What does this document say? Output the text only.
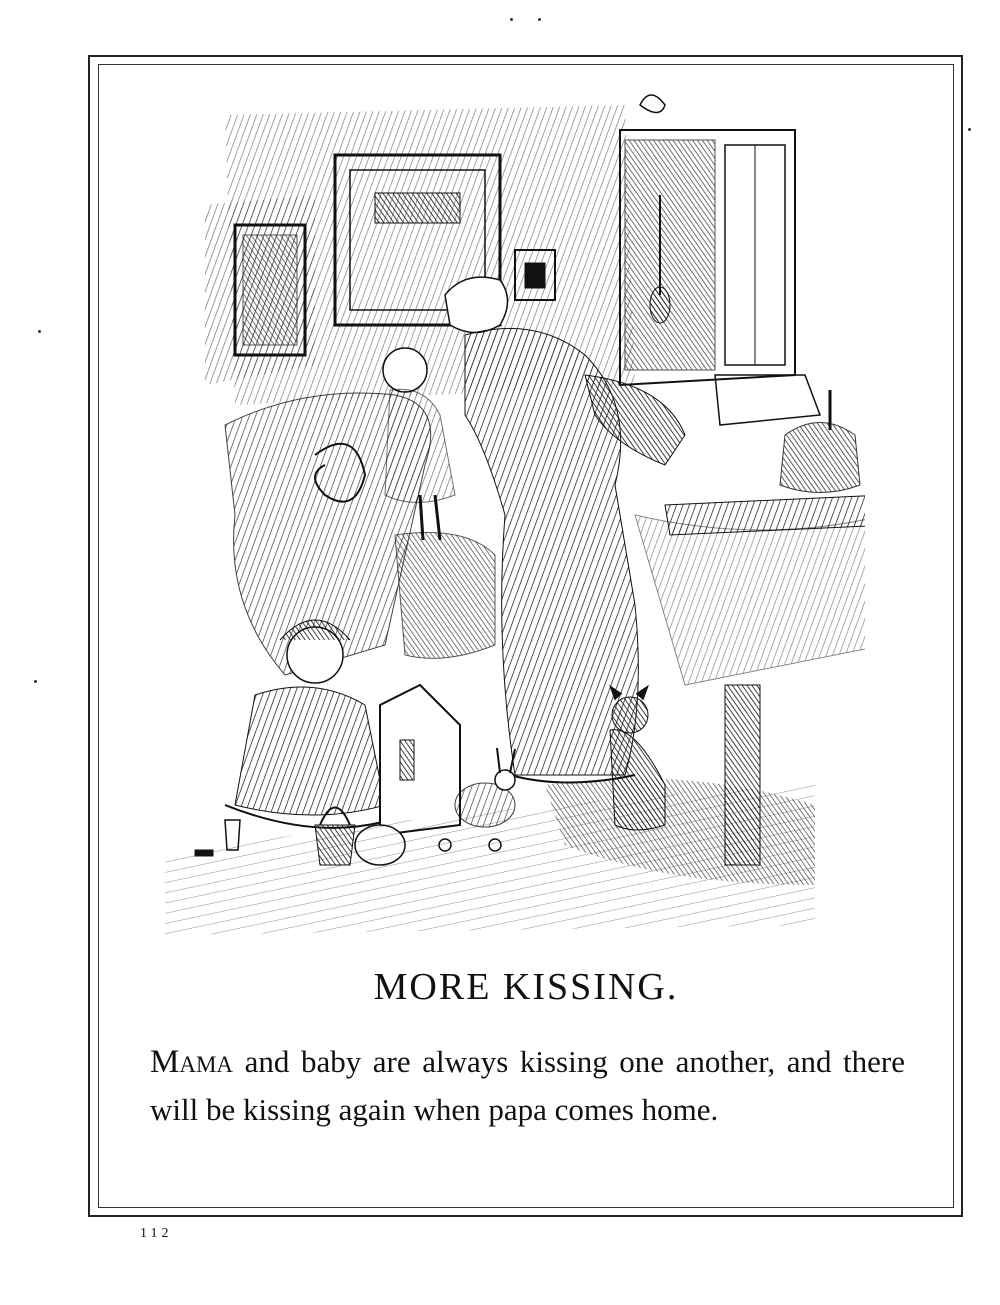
MORE KISSING.

Mama and baby are always kissing one another, and there will be kissing again when papa comes home.

112
